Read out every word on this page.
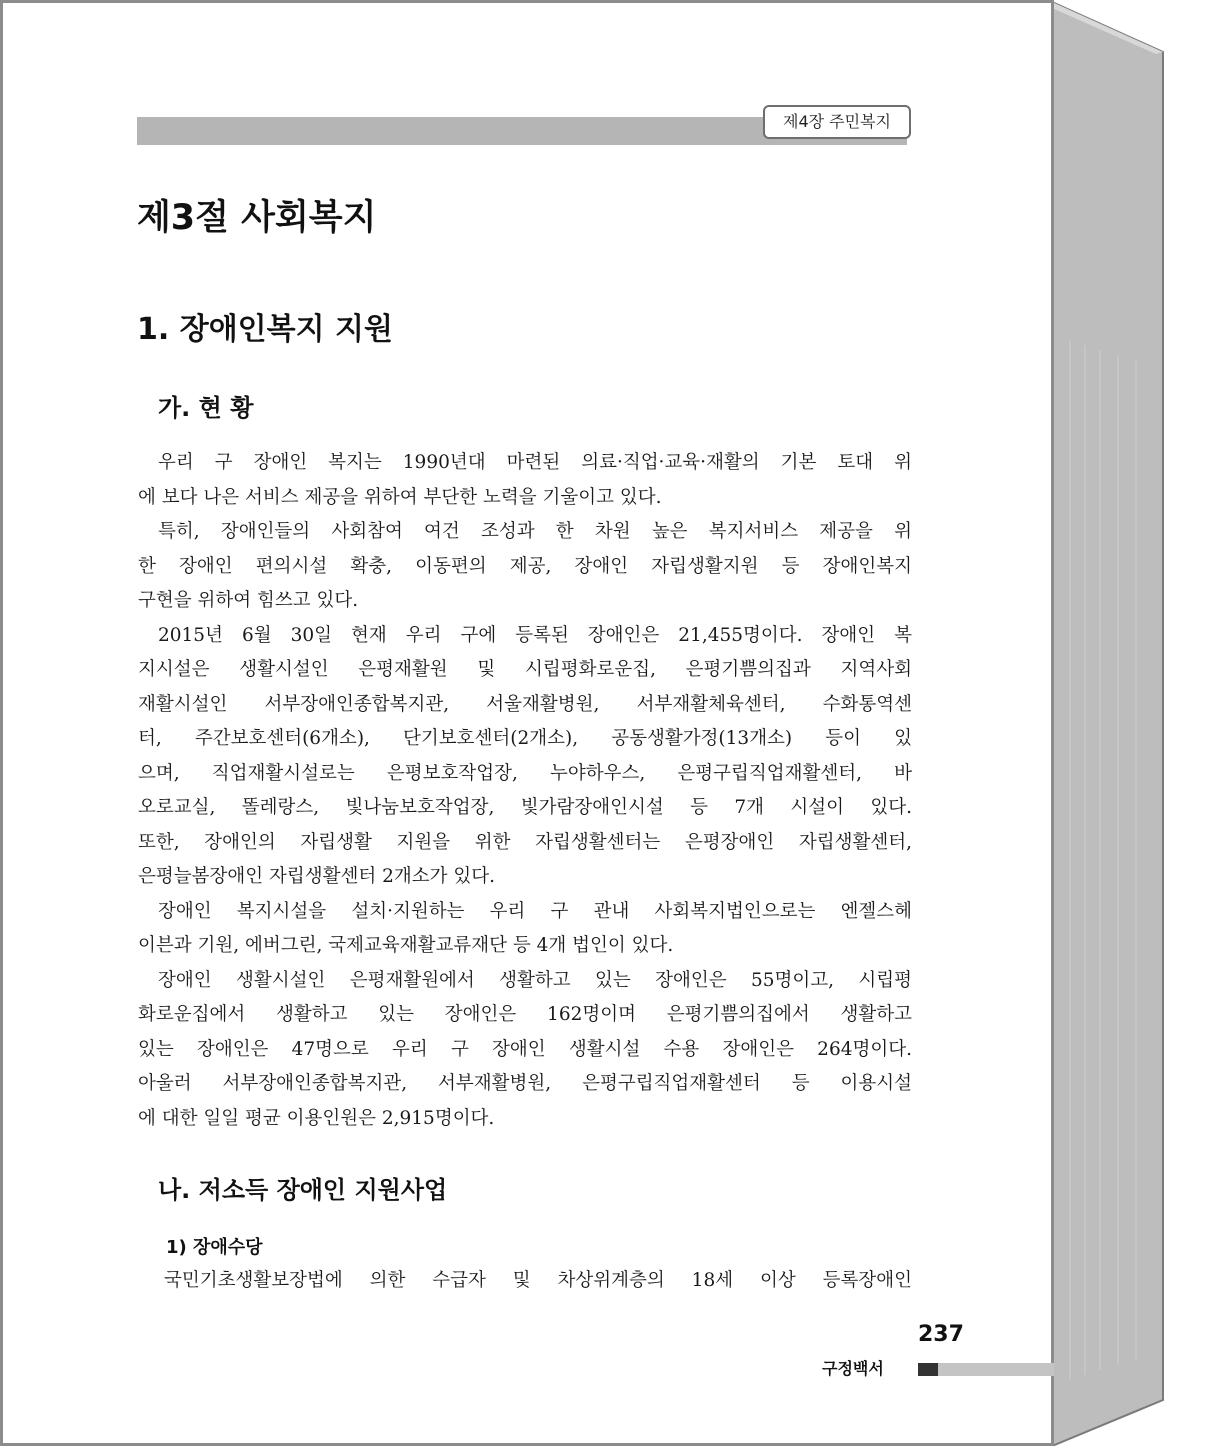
제4장 주민복지
제3절 사회복지
1. 장애인복지 지원
가. 현 황
우리 구 장애인 복지는 1990년대 마련된 의료·직업·교육·재활의 기본 토대 위
에 보다 나은 서비스 제공을 위하여 부단한 노력을 기울이고 있다.
특히, 장애인들의 사회참여 여건 조성과 한 차원 높은 복지서비스 제공을 위
한 장애인 편의시설 확충, 이동편의 제공, 장애인 자립생활지원 등 장애인복지
구현을 위하여 힘쓰고 있다.
2015년 6월 30일 현재 우리 구에 등록된 장애인은 21,455명이다. 장애인 복
지시설은 생활시설인 은평재활원 및 시립평화로운집, 은평기쁨의집과 지역사회
재활시설인 서부장애인종합복지관, 서울재활병원, 서부재활체육센터, 수화통역센
터, 주간보호센터(6개소), 단기보호센터(2개소), 공동생활가정(13개소) 등이 있
으며, 직업재활시설로는 은평보호작업장, 누야하우스, 은평구립직업재활센터, 바
오로교실, 똘레랑스, 빛나눔보호작업장, 빛가람장애인시설 등 7개 시설이 있다.
또한, 장애인의 자립생활 지원을 위한 자립생활센터는 은평장애인 자립생활센터,
은평늘봄장애인 자립생활센터 2개소가 있다.
장애인 복지시설을 설치·지원하는 우리 구 관내 사회복지법인으로는 엔젤스헤
이븐과 기원, 에버그린, 국제교육재활교류재단 등 4개 법인이 있다.
장애인 생활시설인 은평재활원에서 생활하고 있는 장애인은 55명이고, 시립평
화로운집에서 생활하고 있는 장애인은 162명이며 은평기쁨의집에서 생활하고
있는 장애인은 47명으로 우리 구 장애인 생활시설 수용 장애인은 264명이다.
아울러 서부장애인종합복지관, 서부재활병원, 은평구립직업재활센터 등 이용시설
에 대한 일일 평균 이용인원은 2,915명이다.
나. 저소득 장애인 지원사업
1) 장애수당
국민기초생활보장법에 의한 수급자 및 차상위계층의 18세 이상 등록장애인
237
구정백서
